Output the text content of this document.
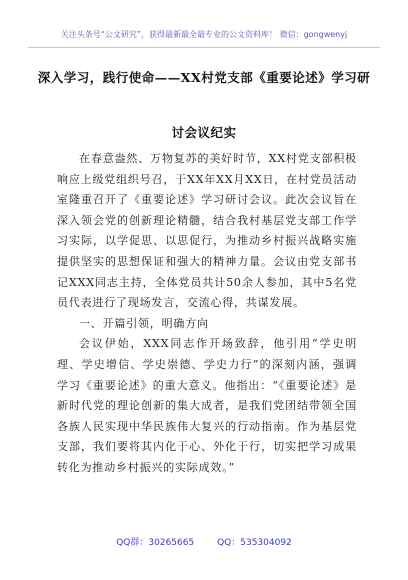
关注头条号“公文研究”，获得最新最全最专业的公文资料库！ 微信：gongwenyj
深入学习，践行使命——XX村党支部《重要论述》学习研
讨会议纪实

在春意盎然、万物复苏的美好时节，XX村党支部积极响应上级党组织号召，于XX年XX月XX日，在村党员活动室隆重召开了《重要论述》学习研讨会议。此次会议旨在深入领会党的创新理论精髓，结合我村基层党支部工作学习实际，以学促思、以思促行，为推动乡村振兴战略实施提供坚实的思想保证和强大的精神力量。会议由党支部书记XXX同志主持，全体党员共计50余人参加，其中5名党员代表进行了现场发言，交流心得，共谋发展。

一、开篇引领，明确方向

会议伊始，XXX同志作开场致辞，他引用“学史明理、学史增信、学史崇德、学史力行”的深刻内涵，强调学习《重要论述》的重大意义。他指出：“《重要论述》是新时代党的理论创新的集大成者，是我们党团结带领全国各族人民实现中华民族伟大复兴的行动指南。作为基层党支部，我们要将其内化于心、外化于行，切实把学习成果转化为推动乡村振兴的实际成效。”

QQ群：30265665	QQ：535304092
